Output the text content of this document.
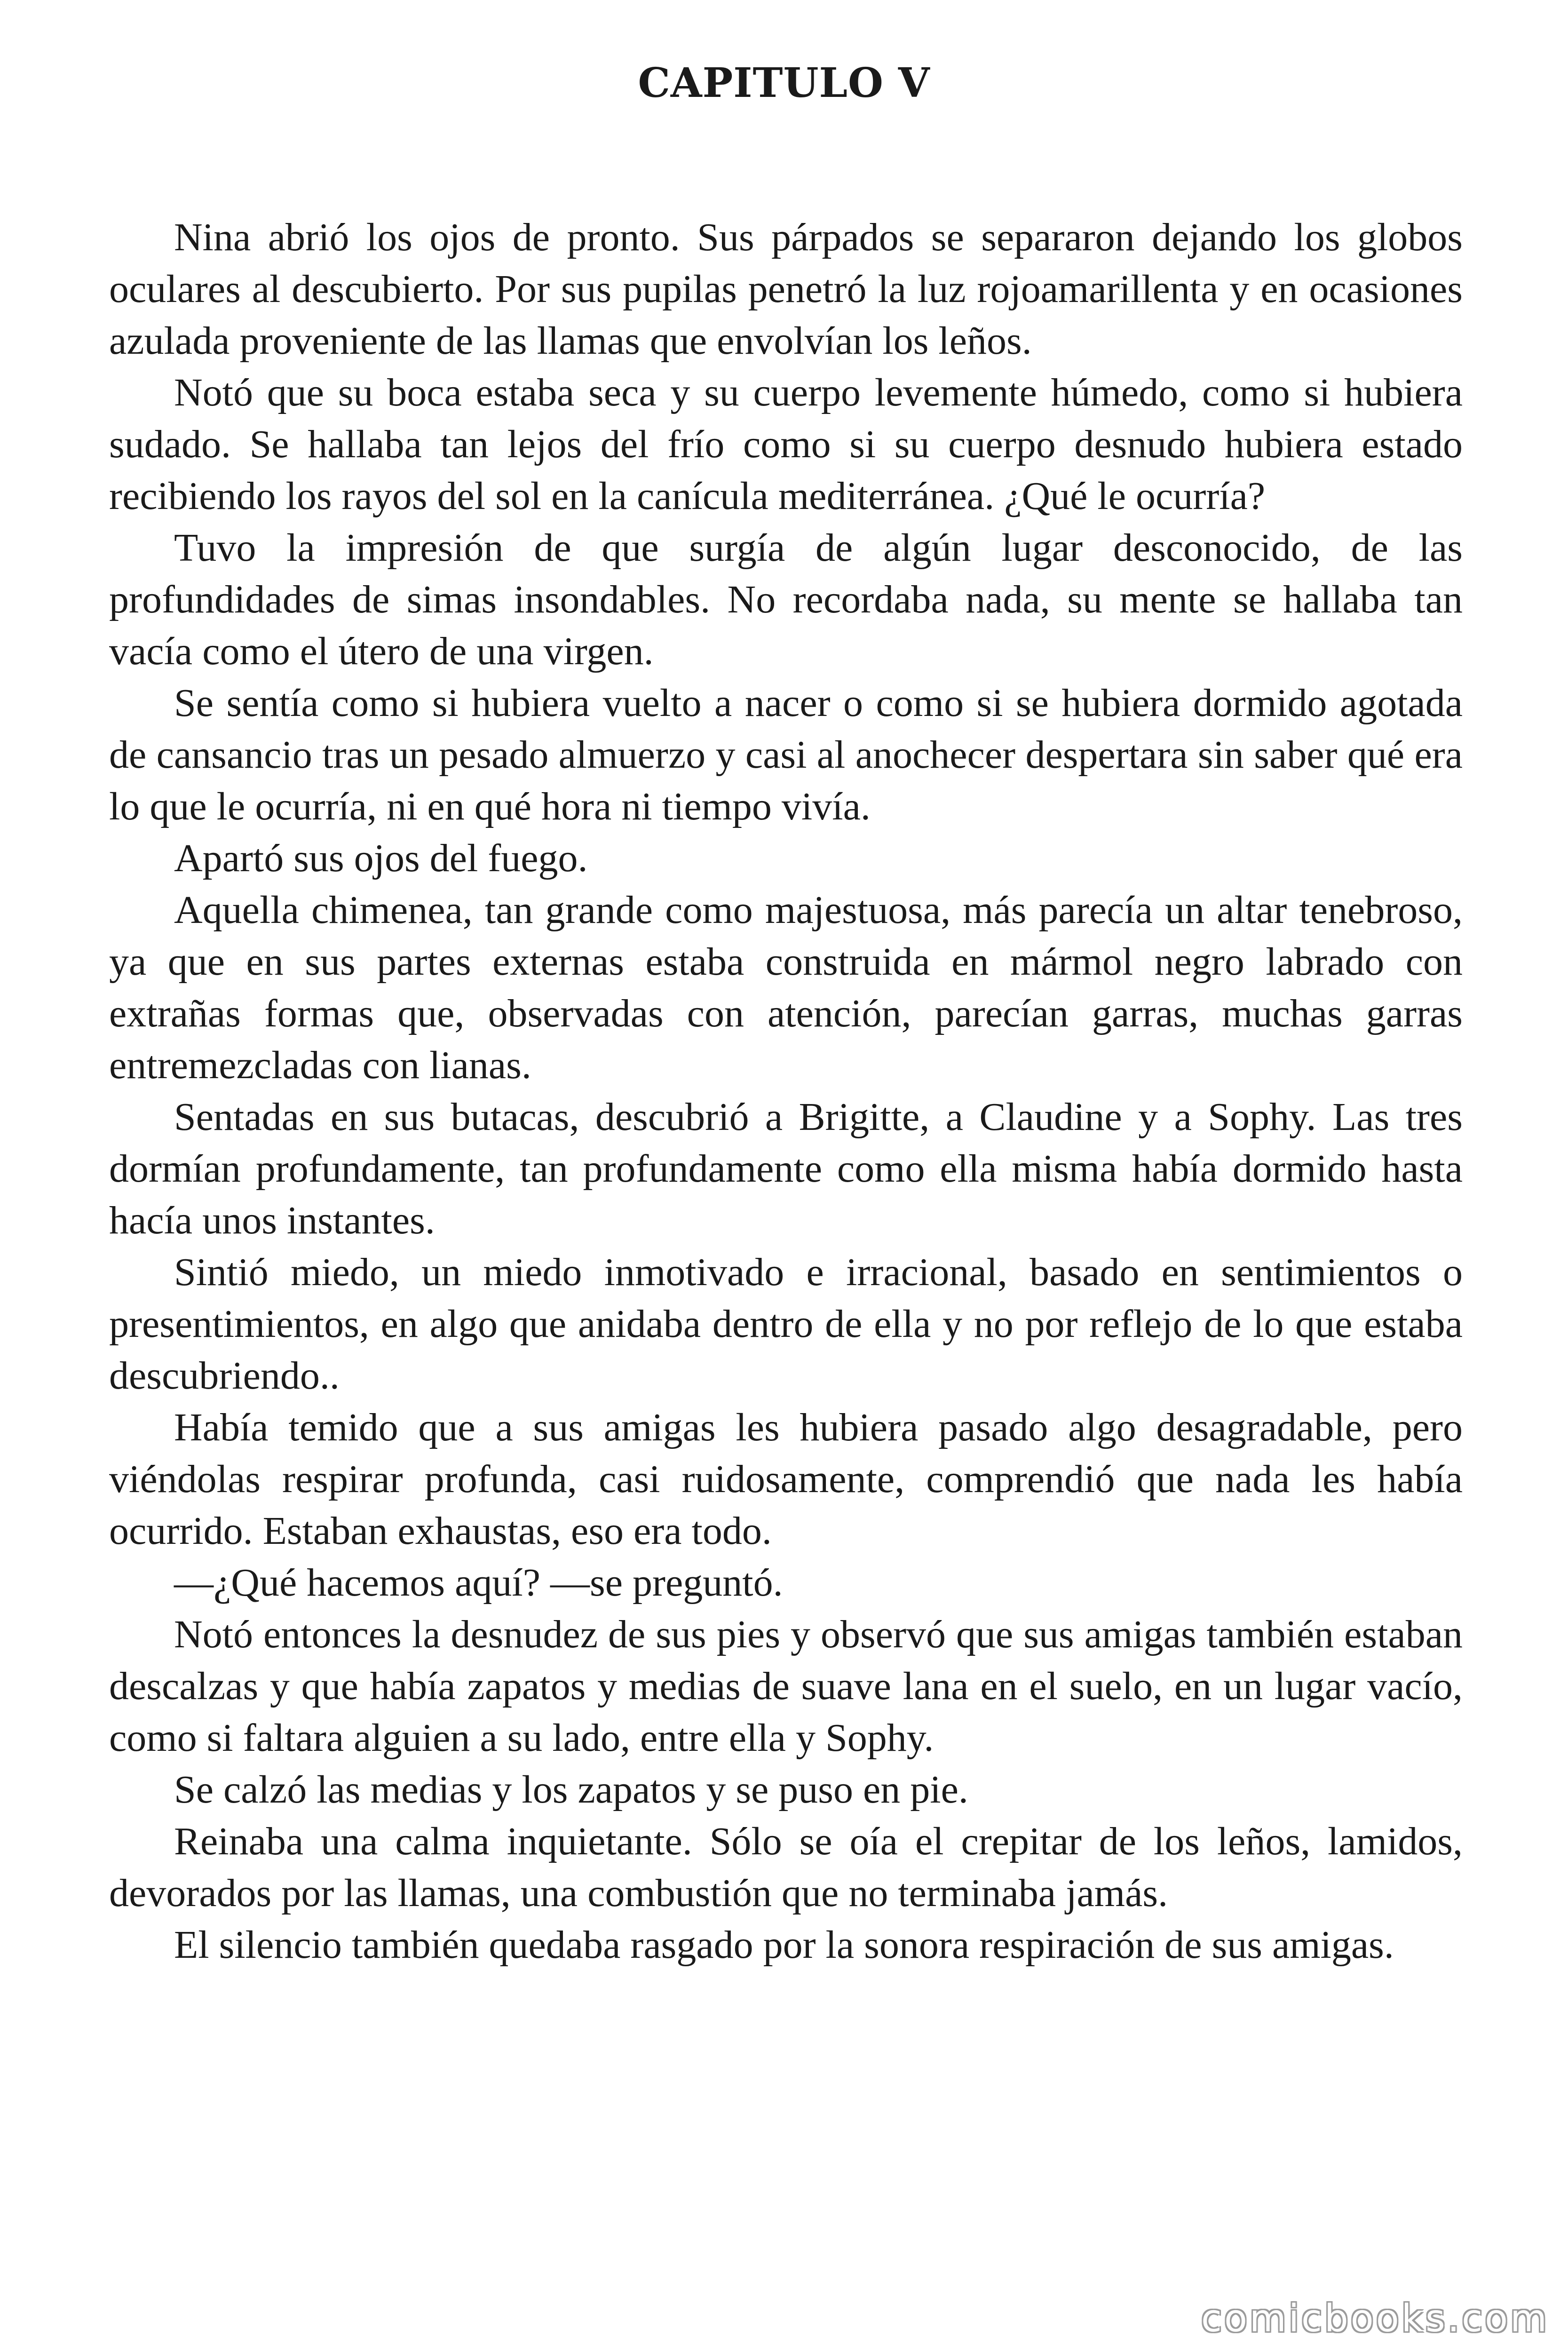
CAPITULO V

Nina abrió los ojos de pronto. Sus párpados se separaron dejando los globos oculares al descubierto. Por sus pupilas penetró la luz rojoamarillenta y en ocasiones azulada proveniente de las llamas que envolvían los leños.

Notó que su boca estaba seca y su cuerpo levemente húmedo, como si hubiera sudado. Se hallaba tan lejos del frío como si su cuerpo desnudo hubiera estado recibiendo los rayos del sol en la canícula mediterránea. ¿Qué le ocurría?

Tuvo la impresión de que surgía de algún lugar desconocido, de las profundidades de simas insondables. No recordaba nada, su mente se hallaba tan vacía como el útero de una virgen.

Se sentía como si hubiera vuelto a nacer o como si se hubiera dormido agotada de cansancio tras un pesado almuerzo y casi al anochecer despertara sin saber qué era lo que le ocurría, ni en qué hora ni tiempo vivía.

Apartó sus ojos del fuego.

Aquella chimenea, tan grande como majestuosa, más parecía un altar tenebroso, ya que en sus partes externas estaba construida en mármol negro labrado con extrañas formas que, observadas con atención, parecían garras, muchas garras entremezcladas con lianas.

Sentadas en sus butacas, descubrió a Brigitte, a Claudine y a Sophy. Las tres dormían profundamente, tan profundamente como ella misma había dormido hasta hacía unos instantes.

Sintió miedo, un miedo inmotivado e irracional, basado en sentimientos o presentimientos, en algo que anidaba dentro de ella y no por reflejo de lo que estaba descubriendo..

Había temido que a sus amigas les hubiera pasado algo desagradable, pero viéndolas respirar profunda, casi ruidosamente, comprendió que nada les había ocurrido. Estaban exhaustas, eso era todo.

—¿Qué hacemos aquí? —se preguntó.

Notó entonces la desnudez de sus pies y observó que sus amigas también estaban descalzas y que había zapatos y medias de suave lana en el suelo, en un lugar vacío, como si faltara alguien a su lado, entre ella y Sophy.

Se calzó las medias y los zapatos y se puso en pie.

Reinaba una calma inquietante. Sólo se oía el crepitar de los leños, lamidos, devorados por las llamas, una combustión que no terminaba jamás.

El silencio también quedaba rasgado por la sonora respiración de sus amigas.

comicbooks.com
